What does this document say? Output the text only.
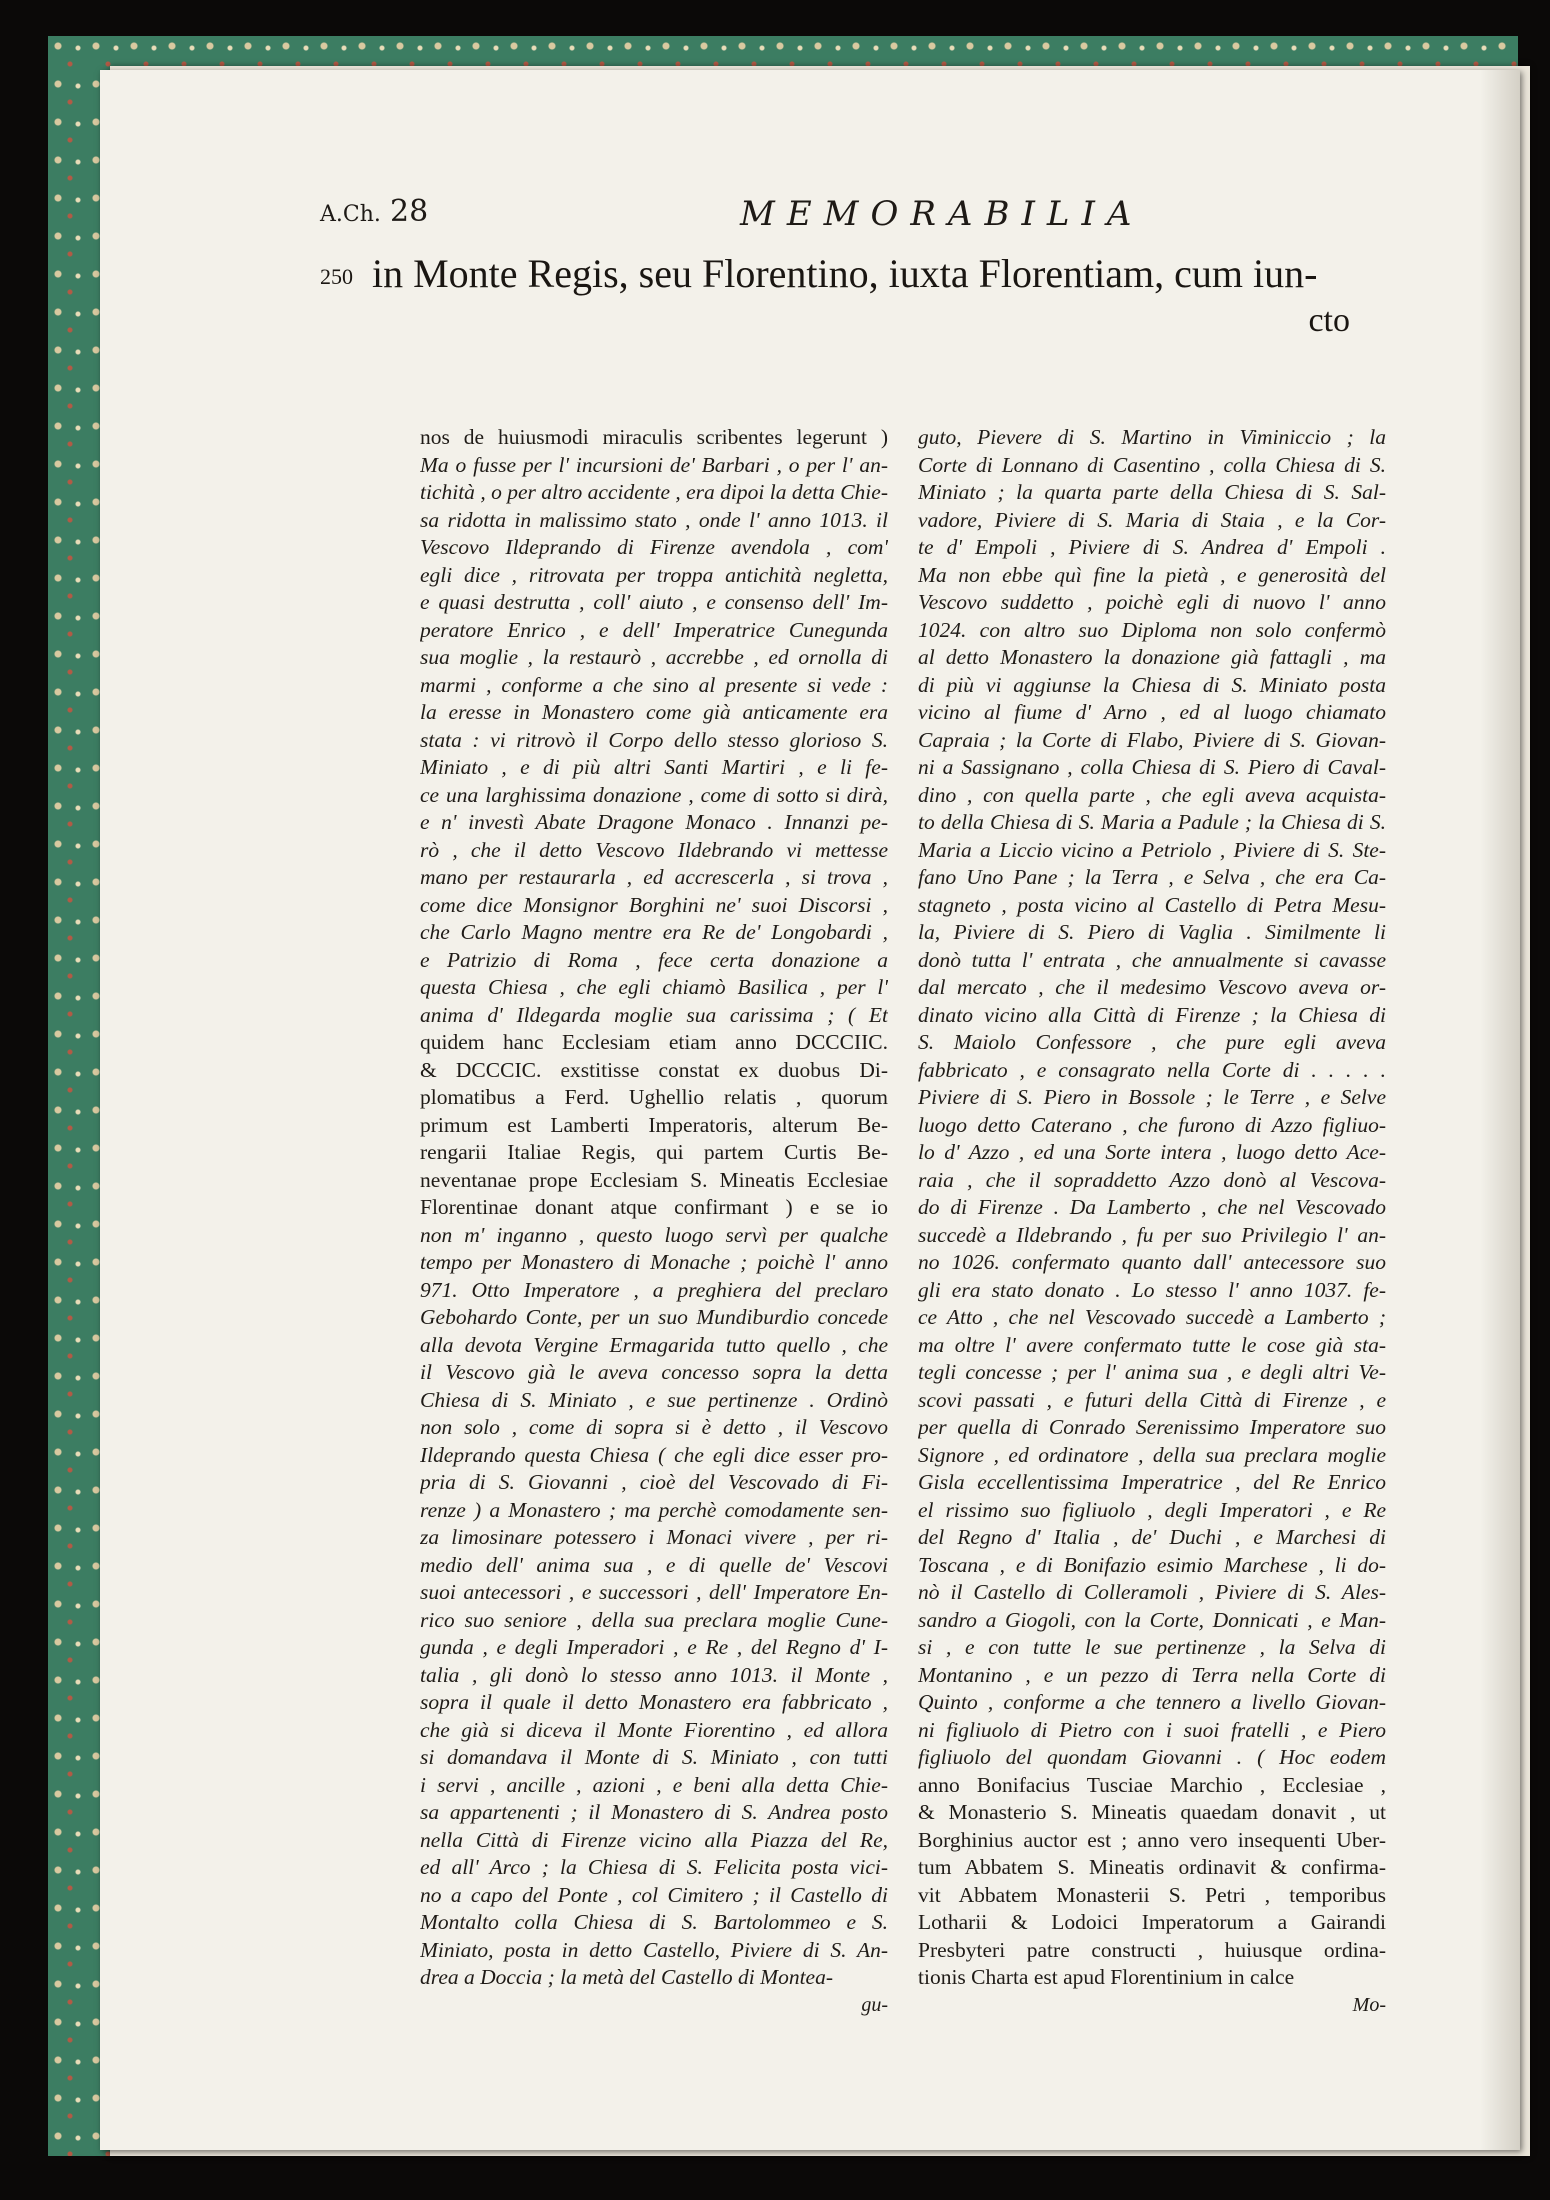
A.Ch. 28	MEMORABILIA
250 in Monte Regis, seu Florentino, iuxta Florentiam, cum iun-
cto
nos de huiusmodi miraculis scribentes legerunt )
Ma o fusse per l' incursioni de' Barbari , o per l' an-
tichità , o per altro accidente , era dipoi la detta Chie-
sa ridotta in malissimo stato , onde l' anno 1013. il
Vescovo Ildeprando di Firenze avendola , com'
egli dice , ritrovata per troppa antichità negletta,
e quasi destrutta , coll' aiuto , e consenso dell' Im-
peratore Enrico , e dell' Imperatrice Cunegunda
sua moglie , la restaurò , accrebbe , ed ornolla di
marmi , conforme a che sino al presente si vede :
la eresse in Monastero come già anticamente era
stata : vi ritrovò il Corpo dello stesso glorioso S.
Miniato , e di più altri Santi Martiri , e li fe-
ce una larghissima donazione , come di sotto si dirà,
e n' investì Abate Dragone Monaco . Innanzi pe-
rò , che il detto Vescovo Ildebrando vi mettesse
mano per restaurarla , ed accrescerla , si trova ,
come dice Monsignor Borghini ne' suoi Discorsi ,
che Carlo Magno mentre era Re de' Longobardi ,
e Patrizio di Roma , fece certa donazione a
questa Chiesa , che egli chiamò Basilica , per l'
anima d' Ildegarda moglie sua carissima ; ( Et
quidem hanc Ecclesiam etiam anno DCCCIIC.
& DCCCIC. exstitisse constat ex duobus Di-
plomatibus a Ferd. Ughellio relatis , quorum
primum est Lamberti Imperatoris, alterum Be-
rengarii Italiae Regis, qui partem Curtis Be-
neventanae prope Ecclesiam S. Mineatis Ecclesiae
Florentinae donant atque confirmant ) e se io
non m' inganno , questo luogo servì per qualche
tempo per Monastero di Monache ; poichè l' anno
971. Otto Imperatore , a preghiera del preclaro
Gebohardo Conte, per un suo Mundiburdio concede
alla devota Vergine Ermagarida tutto quello , che
il Vescovo già le aveva concesso sopra la detta
Chiesa di S. Miniato , e sue pertinenze . Ordinò
non solo , come di sopra si è detto , il Vescovo
Ildeprando questa Chiesa ( che egli dice esser pro-
pria di S. Giovanni , cioè del Vescovado di Fi-
renze ) a Monastero ; ma perchè comodamente sen-
za limosinare potessero i Monaci vivere , per ri-
medio dell' anima sua , e di quelle de' Vescovi
suoi antecessori , e successori , dell' Imperatore En-
rico suo seniore , della sua preclara moglie Cune-
gunda , e degli Imperadori , e Re , del Regno d' I-
talia , gli donò lo stesso anno 1013. il Monte ,
sopra il quale il detto Monastero era fabbricato ,
che già si diceva il Monte Fiorentino , ed allora
si domandava il Monte di S. Miniato , con tutti
i servi , ancille , azioni , e beni alla detta Chie-
sa appartenenti ; il Monastero di S. Andrea posto
nella Città di Firenze vicino alla Piazza del Re,
ed all' Arco ; la Chiesa di S. Felicita posta vici-
no a capo del Ponte , col Cimitero ; il Castello di
Montalto colla Chiesa di S. Bartolommeo e S.
Miniato, posta in detto Castello, Piviere di S. An-
drea a Doccia ; la metà del Castello di Montea-
gu-
guto, Pievere di S. Martino in Viminiccio ; la
Corte di Lonnano di Casentino , colla Chiesa di S.
Miniato ; la quarta parte della Chiesa di S. Sal-
vadore, Piviere di S. Maria di Staia , e la Cor-
te d' Empoli , Piviere di S. Andrea d' Empoli .
Ma non ebbe quì fine la pietà , e generosità del
Vescovo suddetto , poichè egli di nuovo l' anno
1024. con altro suo Diploma non solo confermò
al detto Monastero la donazione già fattagli , ma
di più vi aggiunse la Chiesa di S. Miniato posta
vicino al fiume d' Arno , ed al luogo chiamato
Capraia ; la Corte di Flabo, Piviere di S. Giovan-
ni a Sassignano , colla Chiesa di S. Piero di Caval-
dino , con quella parte , che egli aveva acquista-
to della Chiesa di S. Maria a Padule ; la Chiesa di S.
Maria a Liccio vicino a Petriolo , Piviere di S. Ste-
fano Uno Pane ; la Terra , e Selva , che era Ca-
stagneto , posta vicino al Castello di Petra Mesu-
la, Piviere di S. Piero di Vaglia . Similmente li
donò tutta l' entrata , che annualmente si cavasse
dal mercato , che il medesimo Vescovo aveva or-
dinato vicino alla Città di Firenze ; la Chiesa di
S. Maiolo Confessore , che pure egli aveva
fabbricato , e consagrato nella Corte di . . . . .
Piviere di S. Piero in Bossole ; le Terre , e Selve
luogo detto Caterano , che furono di Azzo figliuo-
lo d' Azzo , ed una Sorte intera , luogo detto Ace-
raia , che il sopraddetto Azzo donò al Vescova-
do di Firenze . Da Lamberto , che nel Vescovado
succedè a Ildebrando , fu per suo Privilegio l' an-
no 1026. confermato quanto dall' antecessore suo
gli era stato donato . Lo stesso l' anno 1037. fe-
ce Atto , che nel Vescovado succedè a Lamberto ;
ma oltre l' avere confermato tutte le cose già sta-
tegli concesse ; per l' anima sua , e degli altri Ve-
scovi passati , e futuri della Città di Firenze , e
per quella di Conrado Serenissimo Imperatore suo
Signore , ed ordinatore , della sua preclara moglie
Gisla eccellentissima Imperatrice , del Re Enrico
el rissimo suo figliuolo , degli Imperatori , e Re
del Regno d' Italia , de' Duchi , e Marchesi di
Toscana , e di Bonifazio esimio Marchese , li do-
nò il Castello di Colleramoli , Piviere di S. Ales-
sandro a Giogoli, con la Corte, Donnicati , e Man-
si , e con tutte le sue pertinenze , la Selva di
Montanino , e un pezzo di Terra nella Corte di
Quinto , conforme a che tennero a livello Giovan-
ni figliuolo di Pietro con i suoi fratelli , e Piero
figliuolo del quondam Giovanni . ( Hoc eodem
anno Bonifacius Tusciae Marchio , Ecclesiae ,
& Monasterio S. Mineatis quaedam donavit , ut
Borghinius auctor est ; anno vero insequenti Uber-
tum Abbatem S. Mineatis ordinavit & confirma-
vit Abbatem Monasterii S. Petri , temporibus
Lotharii & Lodoici Imperatorum a Gairandi
Presbyteri patre constructi , huiusque ordina-
tionis Charta est apud Florentinium in calce
Mo-
